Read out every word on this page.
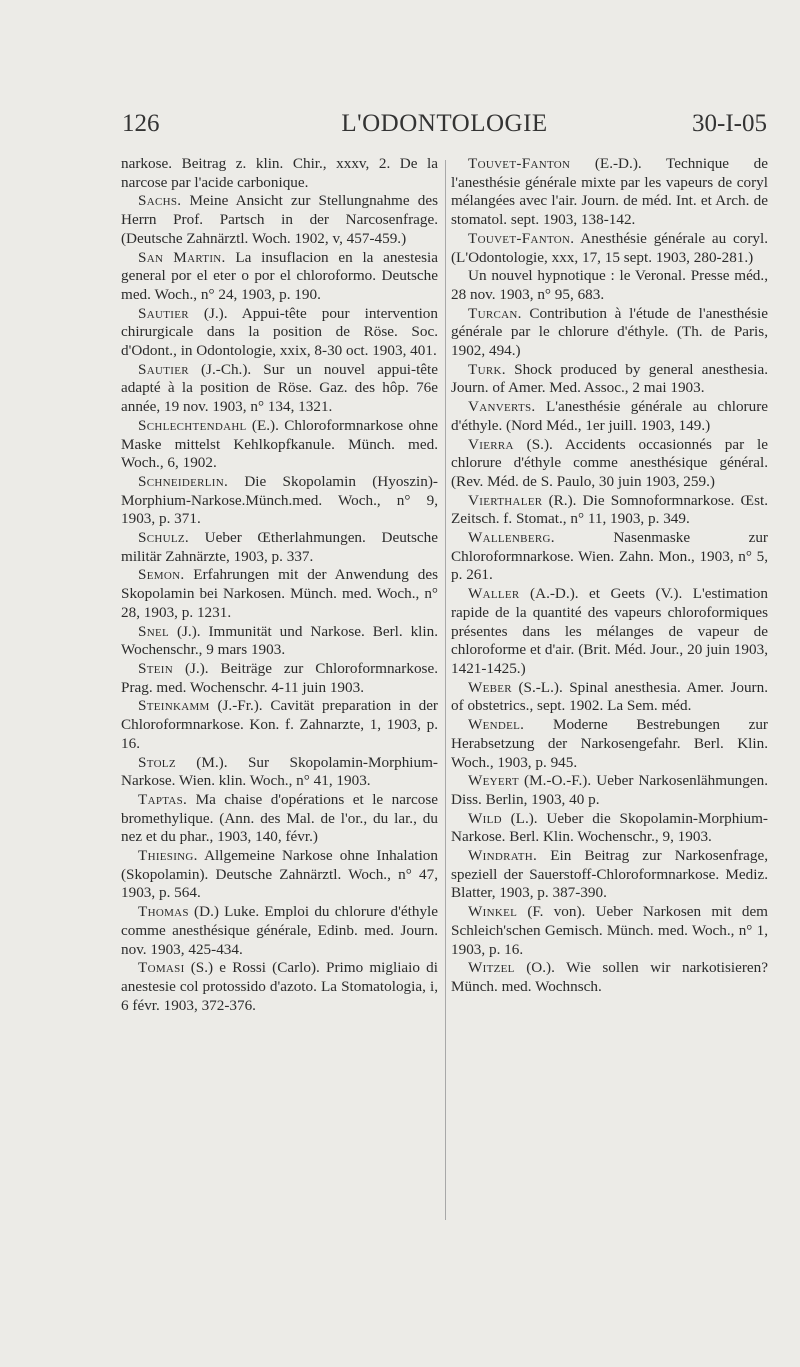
126	L'ODONTOLOGIE	30-I-05

narkose. Beitrag z. klin. Chir., xxxv, 2. De la narcose par l'acide carbonique.

Sachs. Meine Ansicht zur Stellungnahme des Herrn Prof. Partsch in der Narcosenfrage. (Deutsche Zahnärztl. Woch. 1902, v, 457-459.)

San Martin. La insuflacion en la anestesia general por el eter o por el chloroformo. Deutsche med. Woch., n° 24, 1903, p. 190.

Sautier (J.). Appui-tête pour intervention chirurgicale dans la position de Röse. Soc. d'Odont., in Odontologie, xxix, 8-30 oct. 1903, 401.

Sautier (J.-Ch.). Sur un nouvel appui-tête adapté à la position de Röse. Gaz. des hôp. 76e année, 19 nov. 1903, n° 134, 1321.

Schlechtendahl (E.). Chloroformnarkose ohne Maske mittelst Kehlkopfkanule. Münch. med. Woch., 6, 1902.

Schneiderlin. Die Skopolamin (Hyoszin)-Morphium-Narkose.Münch.med. Woch., n° 9, 1903, p. 371.

Schulz. Ueber Œtherlahmungen. Deutsche militär Zahnärzte, 1903, p. 337.

Semon. Erfahrungen mit der Anwendung des Skopolamin bei Narkosen. Münch. med. Woch., n° 28, 1903, p. 1231.

Snel (J.). Immunität und Narkose. Berl. klin. Wochenschr., 9 mars 1903.

Stein (J.). Beiträge zur Chloroformnarkose. Prag. med. Wochenschr. 4-11 juin 1903.

Steinkamm (J.-Fr.). Cavität preparation in der Chloroformnarkose. Kon. f. Zahnarzte, 1, 1903, p. 16.

Stolz (M.). Sur Skopolamin-Morphium-Narkose. Wien. klin. Woch., n° 41, 1903.

Taptas. Ma chaise d'opérations et le narcose bromethylique. (Ann. des Mal. de l'or., du lar., du nez et du phar., 1903, 140, févr.)

Thiesing. Allgemeine Narkose ohne Inhalation (Skopolamin). Deutsche Zahnärztl. Woch., n° 47, 1903, p. 564.

Thomas (D.) Luke. Emploi du chlorure d'éthyle comme anesthésique générale, Edinb. med. Journ. nov. 1903, 425-434.

Tomasi (S.) e Rossi (Carlo). Primo migliaio di anestesie col protossido d'azoto. La Stomatologia, i, 6 févr. 1903, 372-376.

Touvet-Fanton (E.-D.). Technique de l'anesthésie générale mixte par les vapeurs de coryl mélangées avec l'air. Journ. de méd. Int. et Arch. de stomatol. sept. 1903, 138-142.

Touvet-Fanton. Anesthésie générale au coryl. (L'Odontologie, xxx, 17, 15 sept. 1903, 280-281.)

Un nouvel hypnotique : le Veronal. Presse méd., 28 nov. 1903, n° 95, 683.

Turcan. Contribution à l'étude de l'anesthésie générale par le chlorure d'éthyle. (Th. de Paris, 1902, 494.)

Turk. Shock produced by general anesthesia. Journ. of Amer. Med. Assoc., 2 mai 1903.

Vanverts. L'anesthésie générale au chlorure d'éthyle. (Nord Méd., 1er juill. 1903, 149.)

Vierra (S.). Accidents occasionnés par le chlorure d'éthyle comme anesthésique général. (Rev. Méd. de S. Paulo, 30 juin 1903, 259.)

Vierthaler (R.). Die Somnoformnarkose. Œst. Zeitsch. f. Stomat., n° 11, 1903, p. 349.

Wallenberg. Nasenmaske zur Chloroformnarkose. Wien. Zahn. Mon., 1903, n° 5, p. 261.

Waller (A.-D.). et Geets (V.). L'estimation rapide de la quantité des vapeurs chloroformiques présentes dans les mélanges de vapeur de chloroforme et d'air. (Brit. Méd. Jour., 20 juin 1903, 1421-1425.)

Weber (S.-L.). Spinal anesthesia. Amer. Journ. of obstetrics., sept. 1902. La Sem. méd.

Wendel. Moderne Bestrebungen zur Herabsetzung der Narkosengefahr. Berl. Klin. Woch., 1903, p. 945.

Weyert (M.-O.-F.). Ueber Narkosenlähmungen. Diss. Berlin, 1903, 40 p.

Wild (L.). Ueber die Skopolamin-Morphium-Narkose. Berl. Klin. Wochenschr., 9, 1903.

Windrath. Ein Beitrag zur Narkosenfrage, speziell der Sauerstoff-Chloroformnarkose. Mediz. Blatter, 1903, p. 387-390.

Winkel (F. von). Ueber Narkosen mit dem Schleich'schen Gemisch. Münch. med. Woch., n° 1, 1903, p. 16.

Witzel (O.). Wie sollen wir narkotisieren? Münch. med. Wochnsch.
